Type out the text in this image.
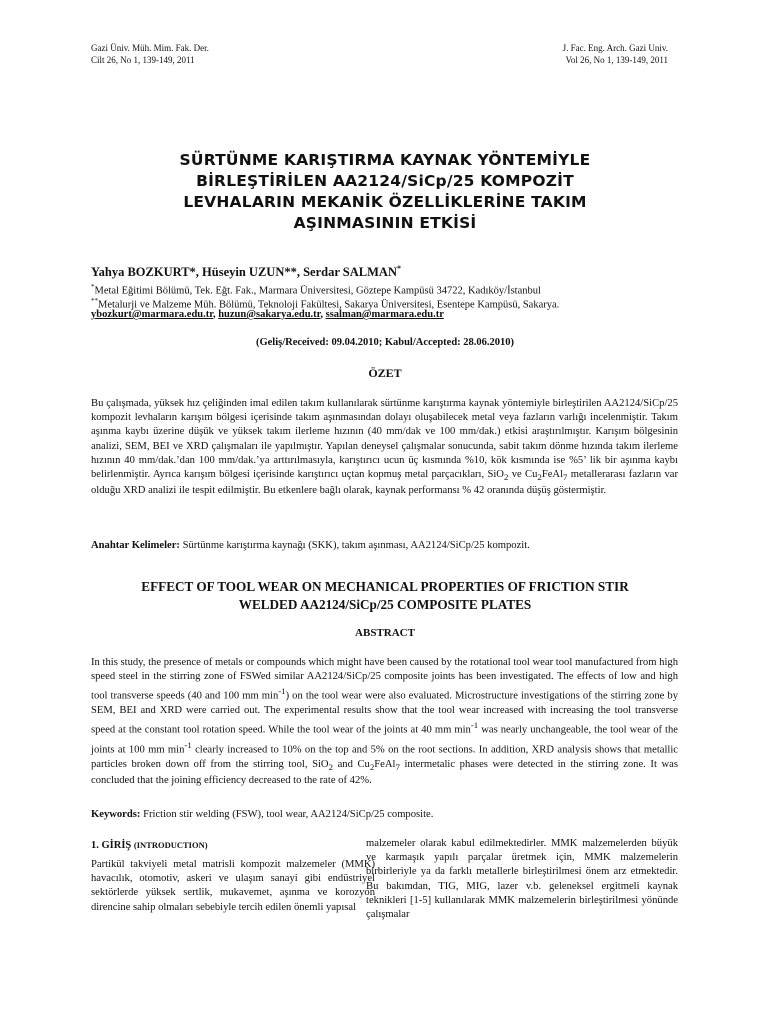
Gazi Üniv. Müh. Mim. Fak. Der.
Cilt 26, No 1, 139-149, 2011
J. Fac. Eng. Arch. Gazi Univ.
Vol 26, No 1, 139-149, 2011
SÜRTÜNME KARIŞTIRMA KAYNAK YÖNTEMİYLE
BİRLEŞTİRİLEN AA2124/SiCp/25 KOMPOZİT
LEVHALARIN MEKANİK ÖZELLİKLERİNE TAKIM
AŞINMASININ ETKİSİ
Yahya BOZKURT*, Hüseyin UZUN**, Serdar SALMAN*
*Metal Eğitimi Bölümü, Tek. Eğt. Fak., Marmara Üniversitesi, Göztepe Kampüsü 34722, Kadıköy/İstanbul
**Metalurji ve Malzeme Müh. Bölümü, Teknoloji Fakültesi, Sakarya Üniversitesi, Esentepe Kampüsü, Sakarya.
ybozkurt@marmara.edu.tr, huzun@sakarya.edu.tr, ssalman@marmara.edu.tr
(Geliş/Received: 09.04.2010; Kabul/Accepted: 28.06.2010)
ÖZET
Bu çalışmada, yüksek hız çeliğinden imal edilen takım kullanılarak sürtünme karıştırma kaynak yöntemiyle birleştirilen AA2124/SiCp/25 kompozit levhaların karışım bölgesi içerisinde takım aşınmasından dolayı oluşabilecek metal veya fazların varlığı incelenmiştir. Takım aşınma kaybı üzerine düşük ve yüksek takım ilerleme hızının (40 mm/dak ve 100 mm/dak.) etkisi araştırılmıştır. Karışım bölgesinin analizi, SEM, BEI ve XRD çalışmaları ile yapılmıştır. Yapılan deneysel çalışmalar sonucunda, sabit takım dönme hızında takım ilerleme hızının 40 mm/dak.’dan 100 mm/dak.’ya arttırılmasıyla, karıştırıcı ucun üç kısmında %10, kök kısmında ise %5’ lik bir aşınma kaybı belirlenmiştir. Ayrıca karışım bölgesi içerisinde karıştırıcı uçtan kopmuş metal parçacıkları, SiO$_2$ ve $Cu_2FeAl_7$ metallerarası fazların var olduğu XRD analizi ile tespit edilmiştir. Bu etkenlere bağlı olarak, kaynak performansı % 42 oranında düşüş göstermiştir.
Anahtar Kelimeler: Sürtünme karıştırma kaynağı (SKK), takım aşınması, AA2124/SiCp/25 kompozit.
EFFECT OF TOOL WEAR ON MECHANICAL PROPERTIES OF FRICTION STIR
WELDED AA2124/SiCp/25 COMPOSITE PLATES
ABSTRACT
In this study, the presence of metals or compounds which might have been caused by the rotational tool wear tool manufactured from high speed steel in the stirring zone of FSWed similar AA2124/SiCp/25 composite joints has been investigated. The effects of low and high tool transverse speeds (40 and 100 mm $\min^{-1}$) on the tool wear were also evaluated. Microstructure investigations of the stirring zone by SEM, BEI and XRD were carried out. The experimental results show that the tool wear increased with increasing the tool transverse speed at the constant tool rotation speed. While the tool wear of the joints at 40 mm $\min^{-1}$ was nearly unchangeable, the tool wear of the joints at 100 mm $\min^{-1}$ clearly increased to 10% on the top and 5% on the root sections. In addition, XRD analysis shows that metallic particles broken down off from the stirring tool, SiO$_2$ and $Cu_2FeAl_7$ intermetalic phases were detected in the stirring zone. It was concluded that the joining efficiency decreased to the rate of 42%.
Keywords: Friction stir welding (FSW), tool wear, AA2124/SiCp/25 composite.
1. GİRİŞ (INTRODUCTION)
Partikül takviyeli metal matrisli kompozit malzemeler (MMK) havacılık, otomotiv, askeri ve ulaşım sanayi gibi endüstriyel sektörlerde yüksek sertlik, mukavemet, aşınma ve korozyon direncine sahip olmaları sebebiyle tercih edilen önemli yapısal
malzemeler olarak kabul edilmektedirler. MMK malzemelerden büyük ve karmaşık yapılı parçalar üretmek için, MMK malzemelerin birbirleriyle ya da farklı metallerle birleştirilmesi önem arz etmektedir. Bu bakımdan, TIG, MIG, lazer v.b. geleneksel ergitmeli kaynak teknikleri [1-5] kullanılarak MMK malzemelerin birleştirilmesi yönünde çalışmalar
